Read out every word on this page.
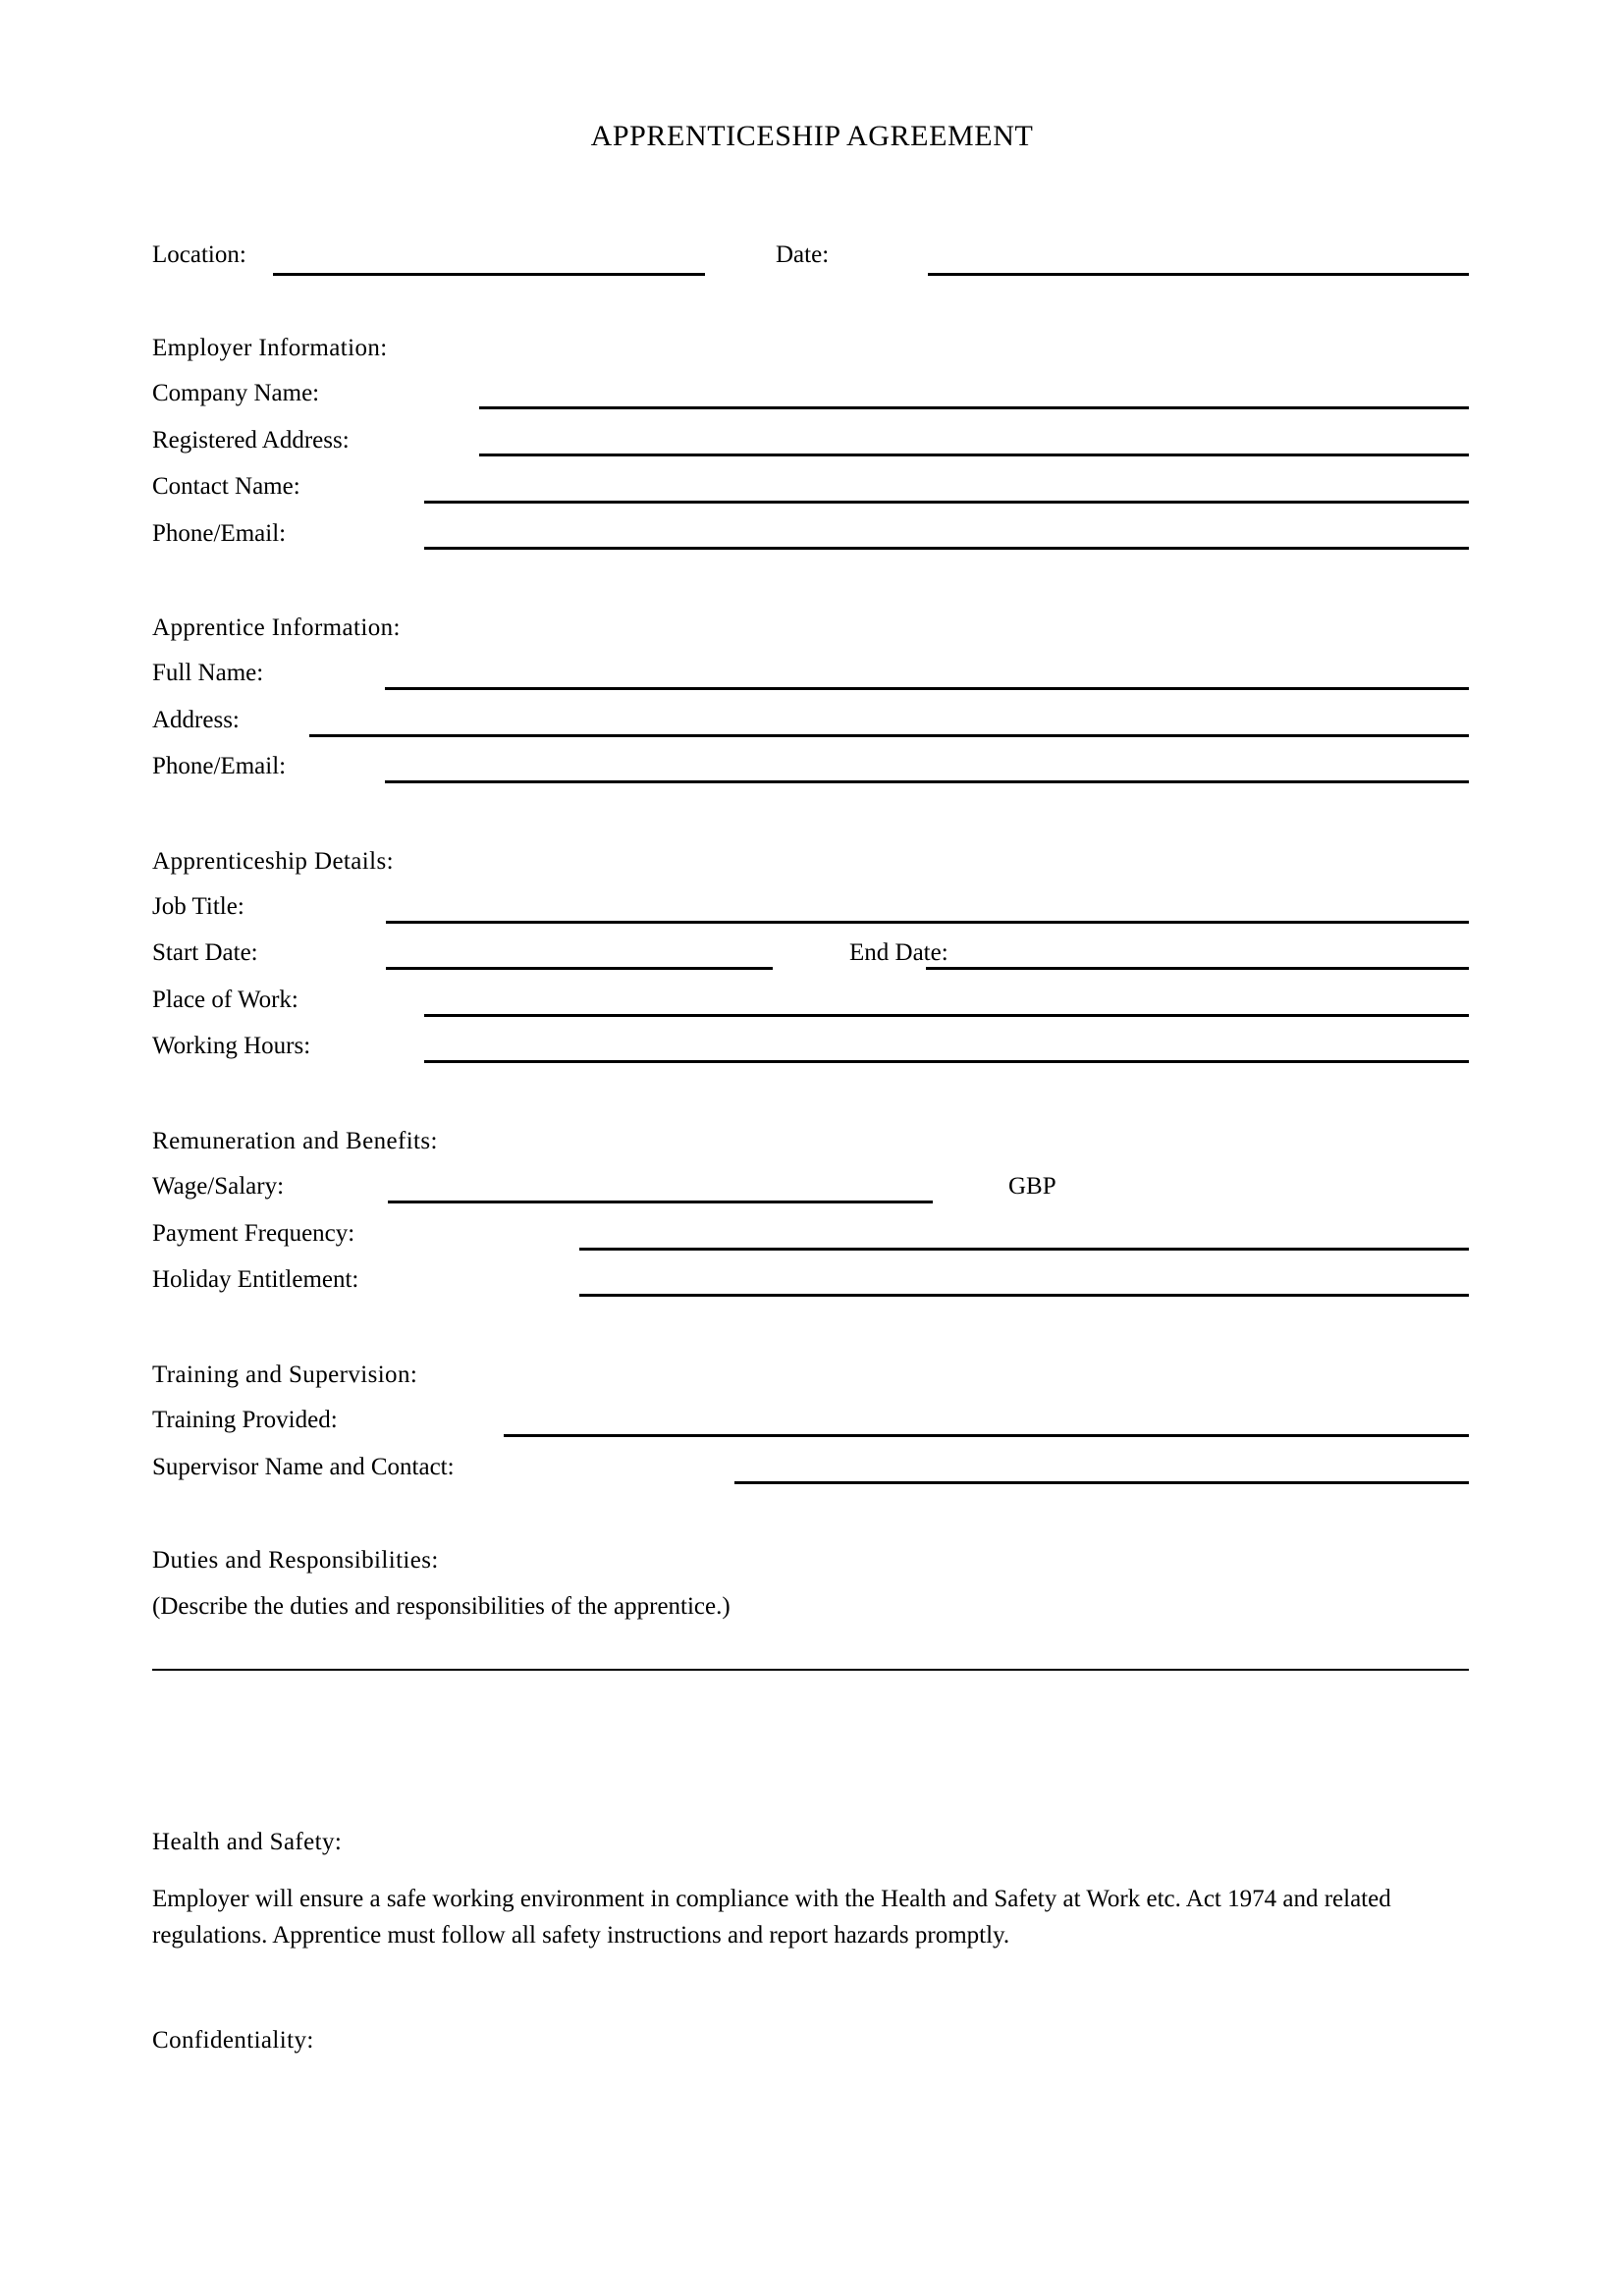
APPRENTICESHIP AGREEMENT
Location:	Date:
Employer Information:
Company Name:
Registered Address:
Contact Name:
Phone/Email:
Apprentice Information:
Full Name:
Address:
Phone/Email:
Apprenticeship Details:
Job Title:
Start Date:	End Date:
Place of Work:
Working Hours:
Remuneration and Benefits:
Wage/Salary:	GBP
Payment Frequency:
Holiday Entitlement:
Training and Supervision:
Training Provided:
Supervisor Name and Contact:
Duties and Responsibilities:
(Describe the duties and responsibilities of the apprentice.)
Health and Safety:
Employer will ensure a safe working environment in compliance with the Health and Safety at Work etc. Act 1974 and related regulations. Apprentice must follow all safety instructions and report hazards promptly.
Confidentiality:
